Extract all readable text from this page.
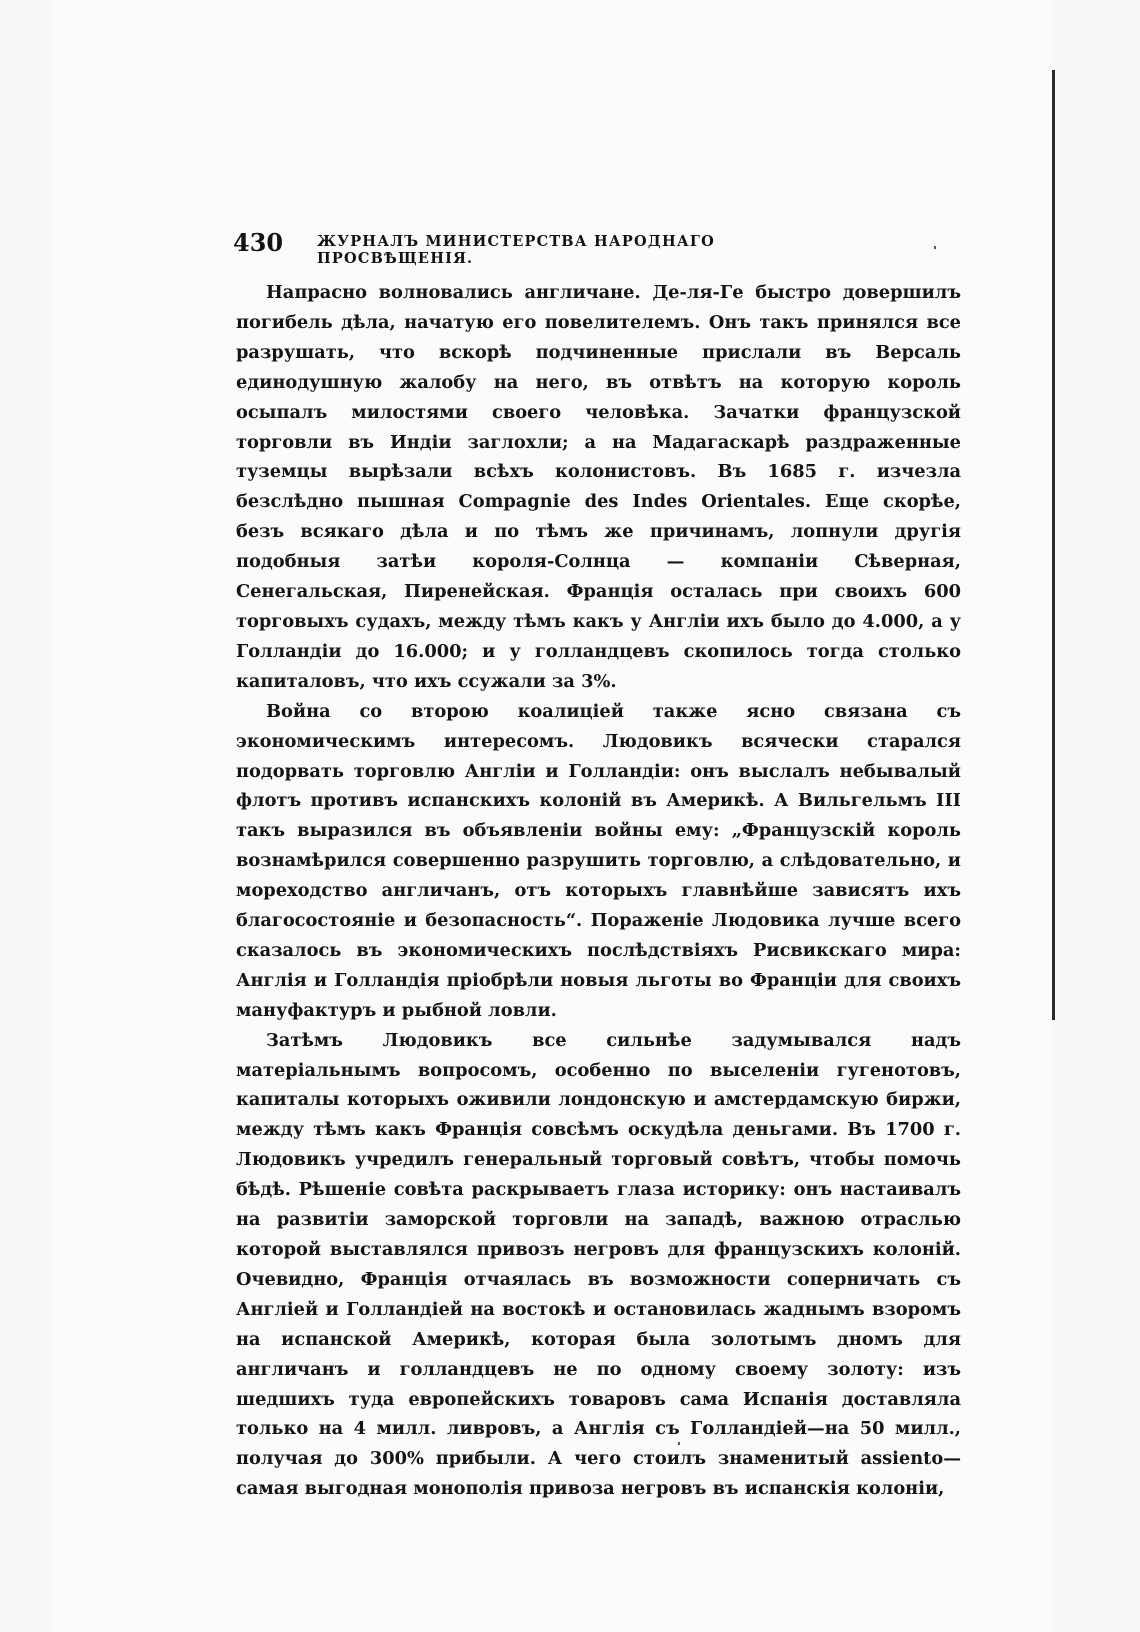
430 ЖУРНАЛЪ МИНИСТЕРСТВА НАРОДНАГО ПРОСВѢЩЕНІЯ.

Напрасно волновались англичане. Де-ля-Ге быстро довершилъ погибель дѣла, начатую его повелителемъ. Онъ такъ принялся все разрушать, что вскорѣ подчиненные прислали въ Версаль единодушную жалобу на него, въ отвѣтъ на которую король осыпалъ милостями своего человѣка. Зачатки французской торговли въ Индіи заглохли; а на Мадагаскарѣ раздраженные туземцы вырѣзали всѣхъ колонистовъ. Въ 1685 г. изчезла безслѣдно пышная Compagnie des Indes Orientales. Еще скорѣе, безъ всякаго дѣла и по тѣмъ же причинамъ, лопнули другія подобныя затѣи короля-Солнца — компаніи Сѣверная, Сенегальская, Пиренейская. Франція осталась при своихъ 600 торговыхъ судахъ, между тѣмъ какъ у Англіи ихъ было до 4.000, а у Голландіи до 16.000; и у голландцевъ скопилось тогда столько капиталовъ, что ихъ ссужали за 3%.

Война со второю коалиціей также ясно связана съ экономическимъ интересомъ. Людовикъ всячески старался подорвать торговлю Англіи и Голландіи: онъ выслалъ небывалый флотъ противъ испанскихъ колоній въ Америкѣ. А Вильгельмъ III такъ выразился въ объявленіи войны ему: „Французскій король вознамѣрился совершенно разрушить торговлю, а слѣдовательно, и мореходство англичанъ, отъ которыхъ главнѣйше зависятъ ихъ благосостояніе и безопасность“. Пораженіе Людовика лучше всего сказалось въ экономическихъ послѣдствіяхъ Рисвикскаго мира: Англія и Голландія пріобрѣли новыя льготы во Франціи для своихъ мануфактуръ и рыбной ловли.

Затѣмъ Людовикъ все сильнѣе задумывался надъ матеріальнымъ вопросомъ, особенно по выселеніи гугенотовъ, капиталы которыхъ оживили лондонскую и амстердамскую биржи, между тѣмъ какъ Франція совсѣмъ оскудѣла деньгами. Въ 1700 г. Людовикъ учредилъ генеральный торговый совѣтъ, чтобы помочь бѣдѣ. Рѣшеніе совѣта раскрываетъ глаза историку: онъ настаивалъ на развитіи заморской торговли на западѣ, важною отраслью которой выставлялся привозъ негровъ для французскихъ колоній. Очевидно, Франція отчаялась въ возможности соперничать съ Англіей и Голландіей на востокѣ и остановилась жаднымъ взоромъ на испанской Америкѣ, которая была золотымъ дномъ для англичанъ и голландцевъ не по одному своему золоту: изъ шедшихъ туда европейскихъ товаровъ сама Испанія доставляла только на 4 милл. ливровъ, а Англія съ Голландіей—на 50 милл., получая до 300% прибыли. А чего стоилъ знаменитый assiento—самая выгодная монополія привоза негровъ въ испанскія колоніи,
